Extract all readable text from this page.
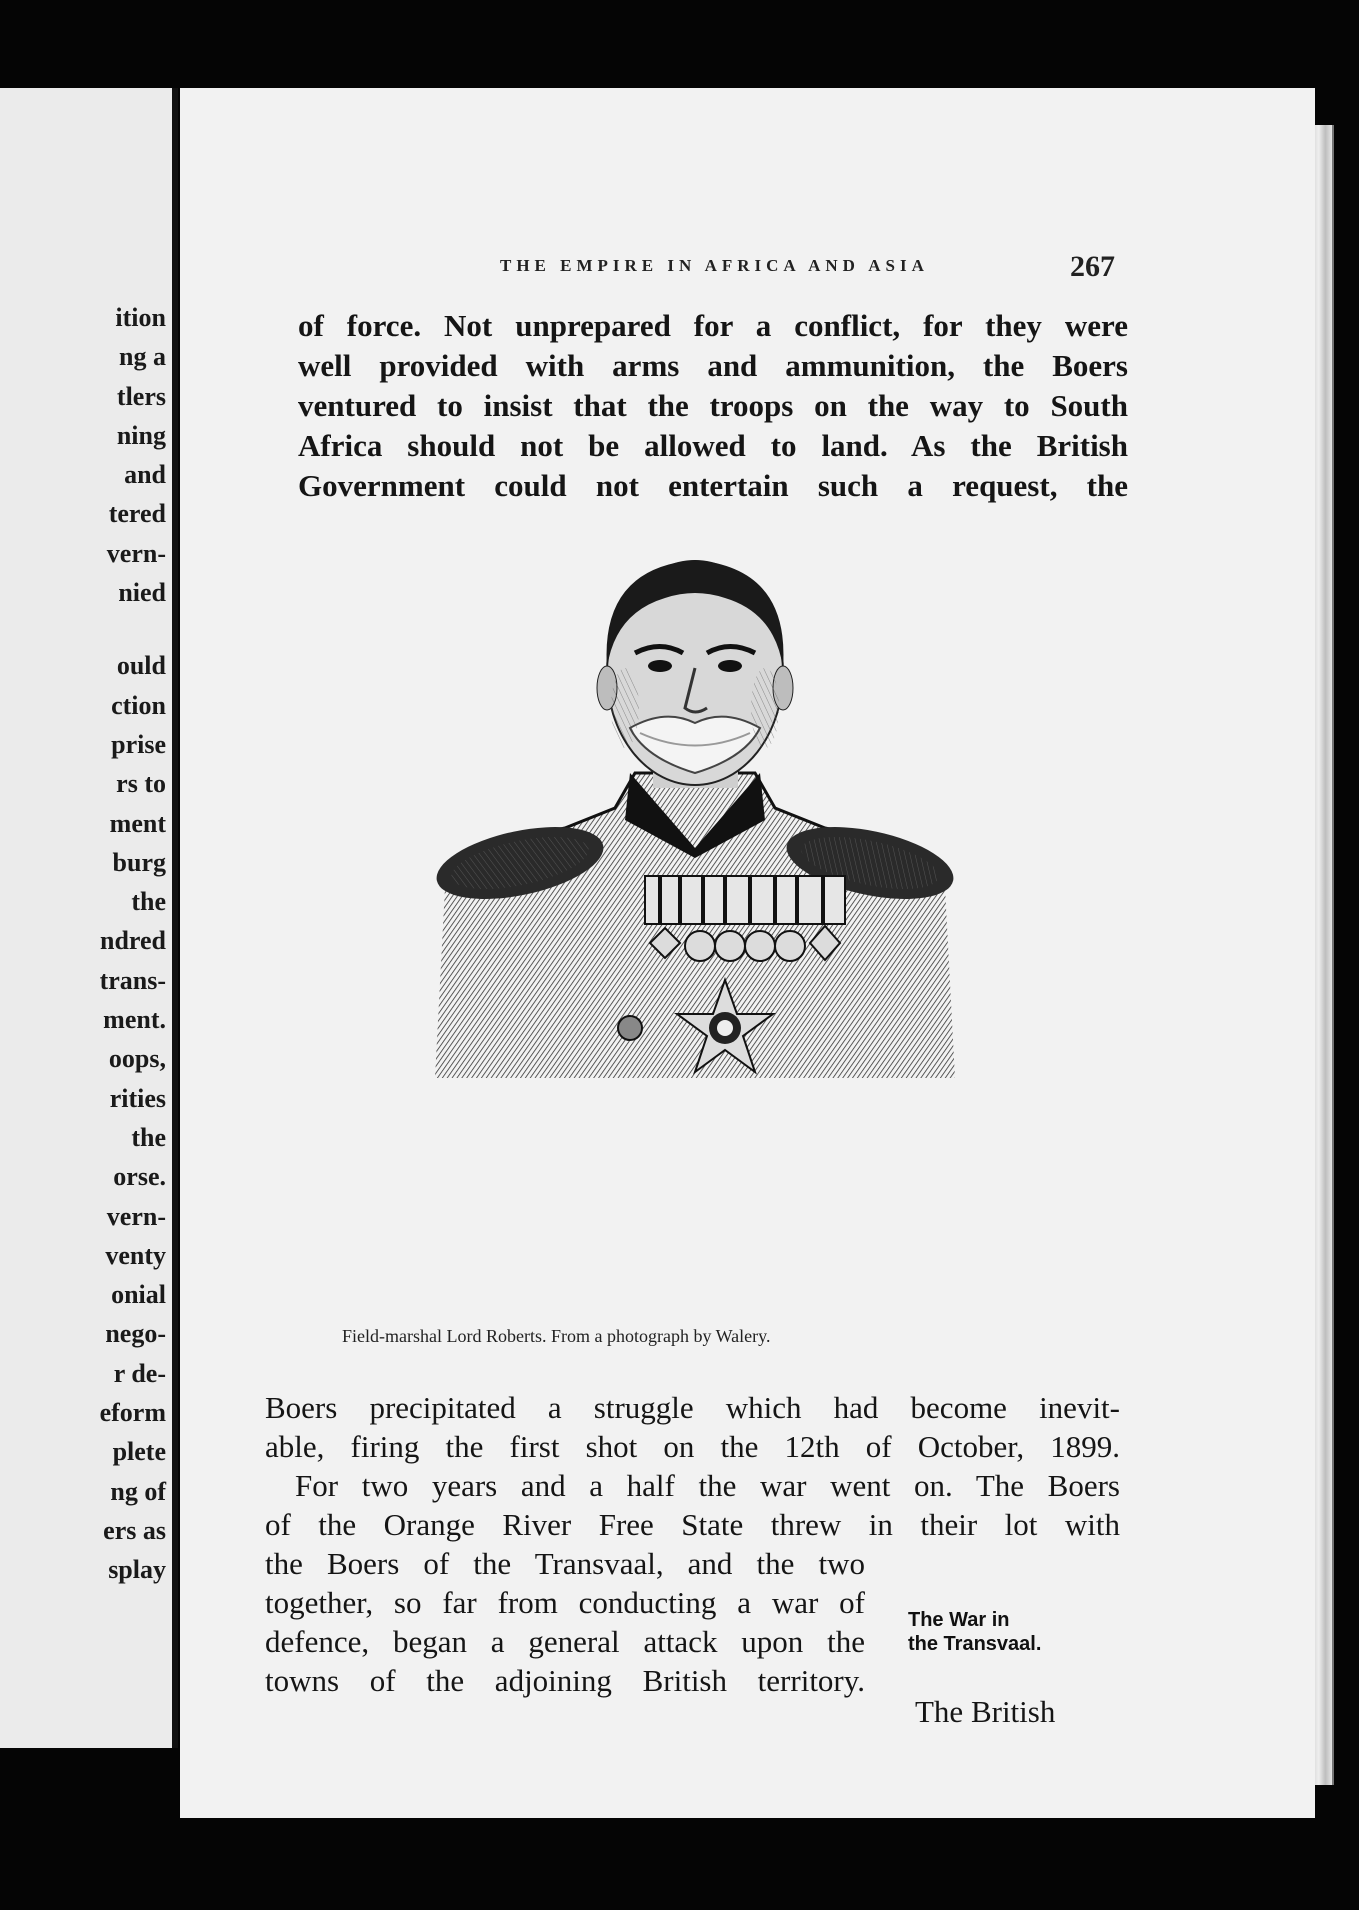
ition
ng a
tlers
ning
and
tered
vern-
nied
ould
ction
prise
rs to
ment
burg
the
ndred
trans-
ment.
oops,
rities
the
orse.
vern-
venty
onial
nego-
r de-
eform
plete
ng of
ers as
splay
THE EMPIRE IN AFRICA AND ASIA	267
of force. Not unprepared for a conflict, for they were
well provided with arms and ammunition, the Boers
ventured to insist that the troops on the way to South
Africa should not be allowed to land. As the British
Government could not entertain such a request, the
Field-marshal Lord Roberts. From a photograph by Walery.
Boers precipitated a struggle which had become inevit-
able, firing the first shot on the 12th of October, 1899.
For two years and a half the war went on. The Boers
of the Orange River Free State threw in their lot with
the Boers of the Transvaal, and the two
together, so far from conducting a war of
defence, began a general attack upon the
towns of the adjoining British territory.
The British
The War in
the Transvaal.
